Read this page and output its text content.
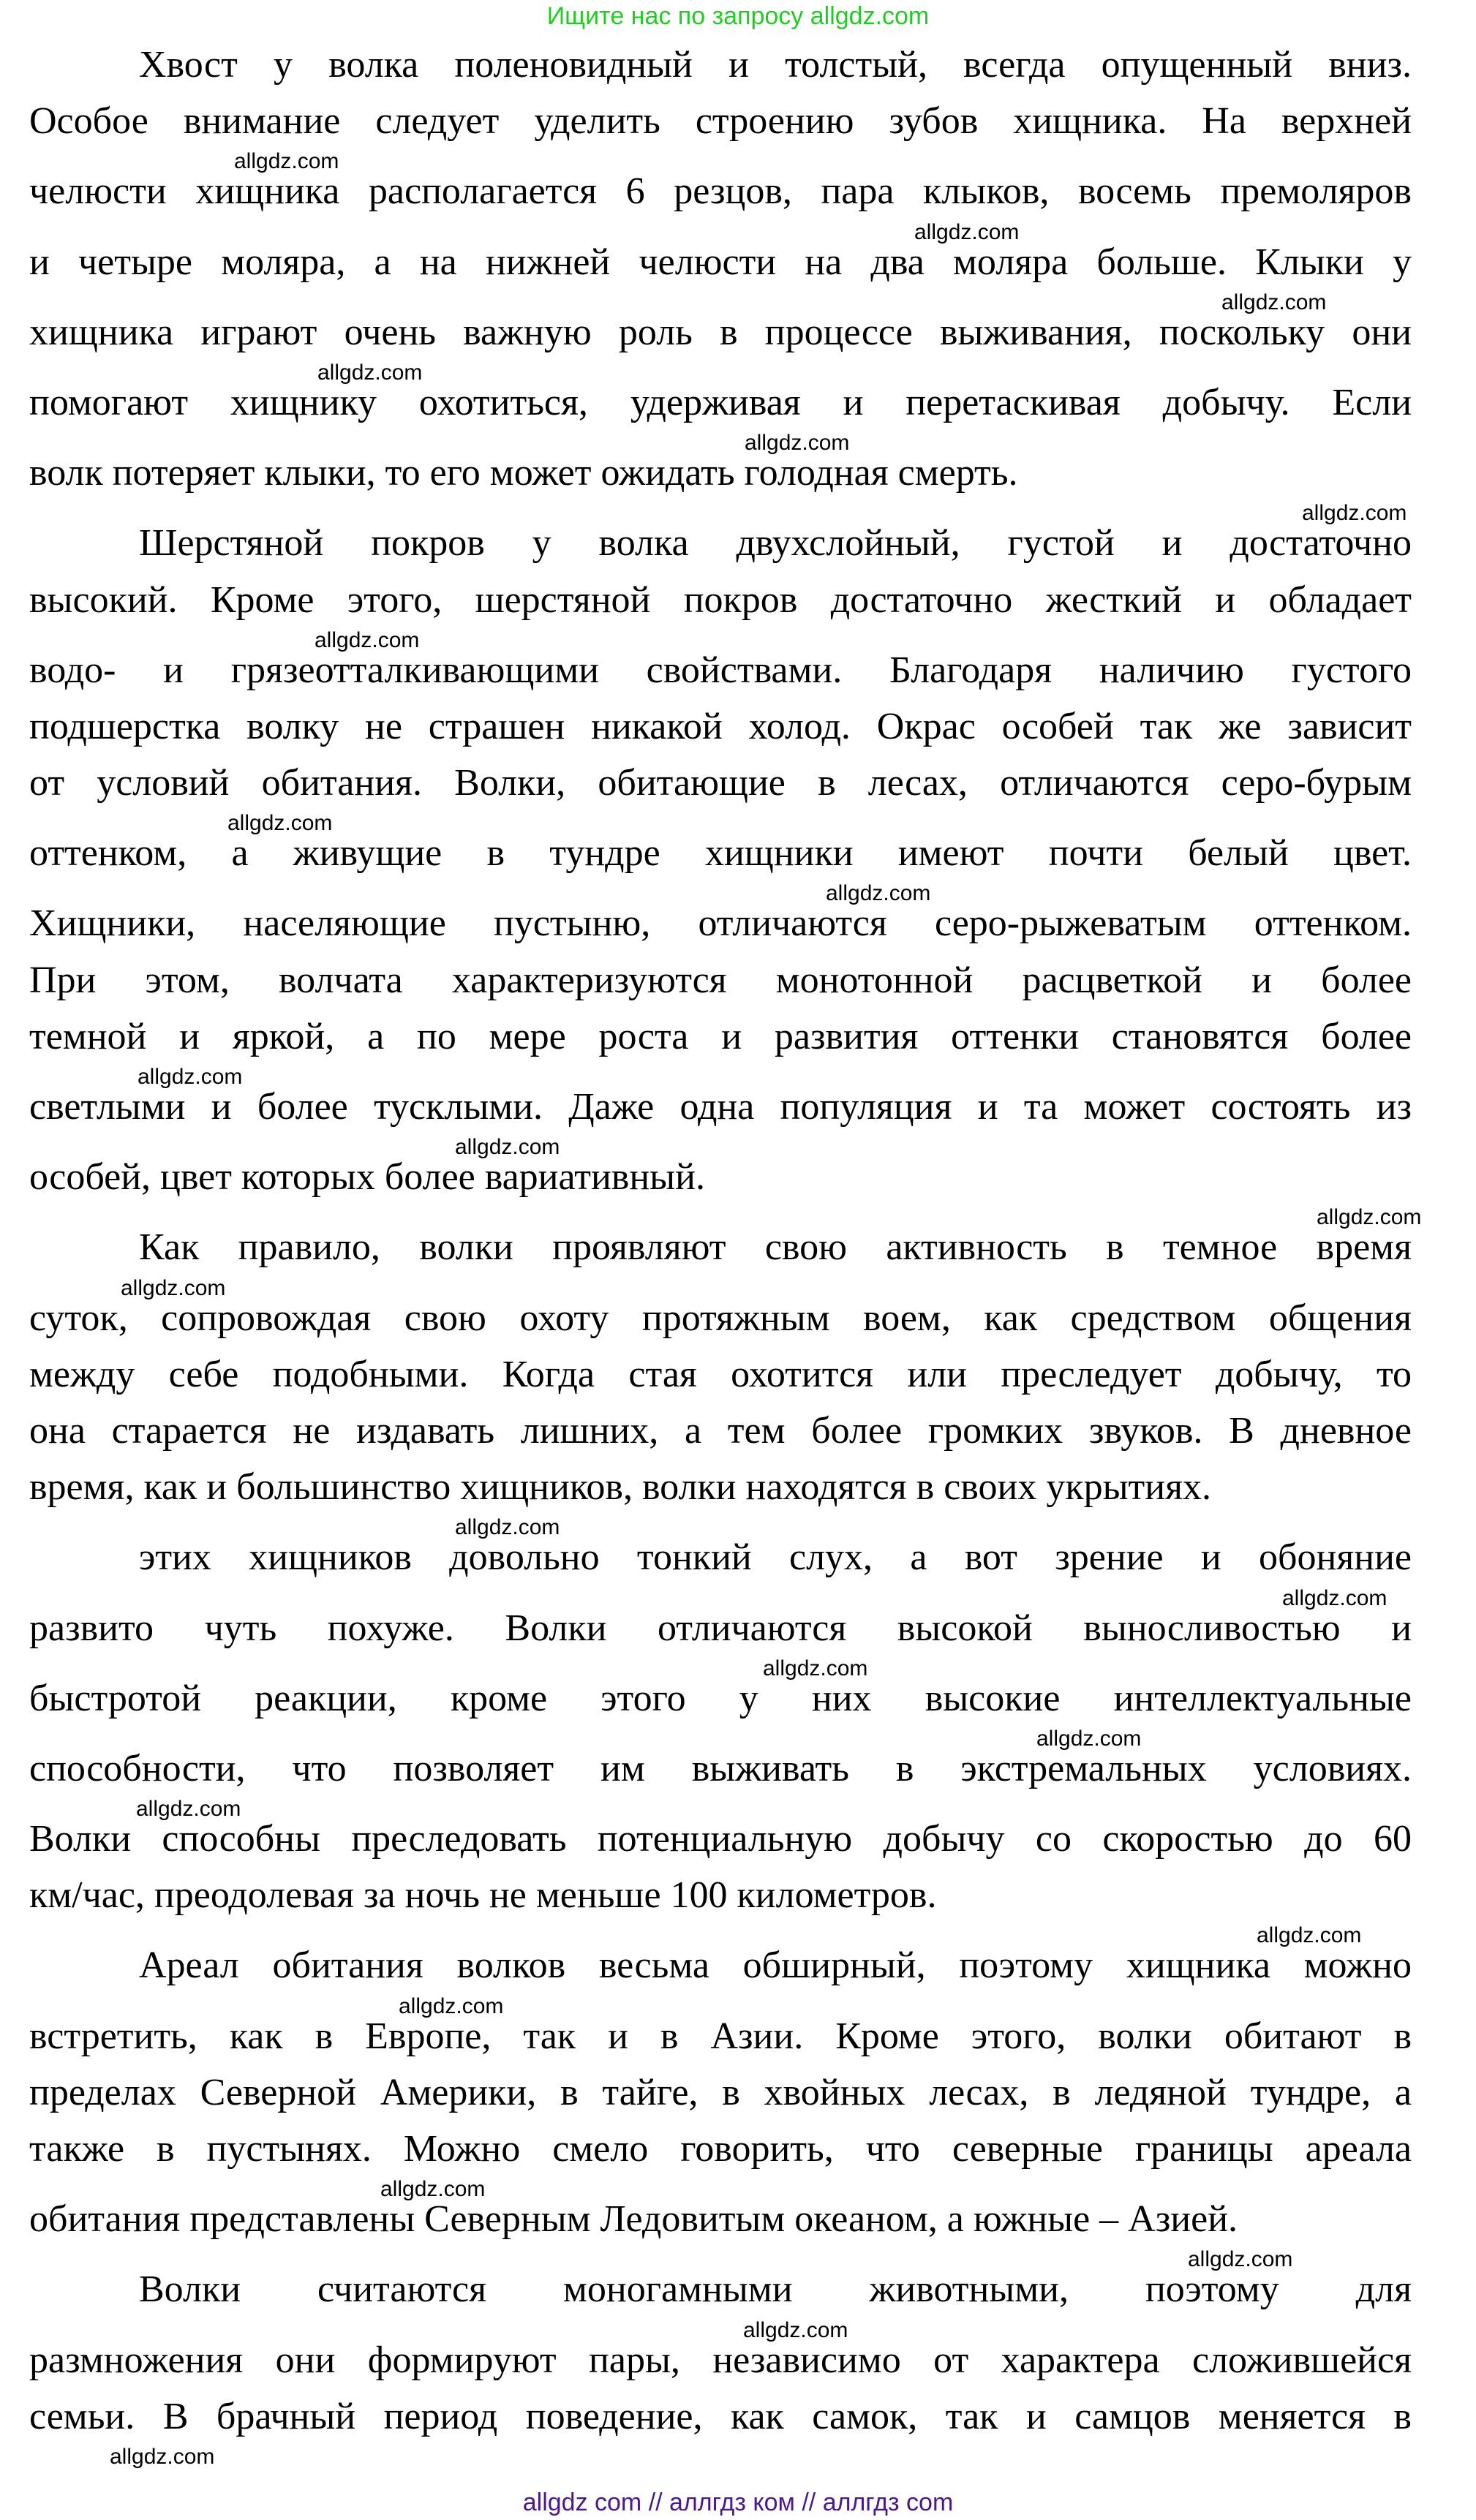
Ищите нас по запросу allgdz.com
Хвост у волка поленовидный и толстый, всегда опущенный вниз.
Особое внимание следует уделить строению зубов хищника. На верхней
allgdz.com
челюсти хищника располагается 6 резцов, пара клыков, восемь премоляров
allgdz.com
и четыре моляра, а на нижней челюсти на два моляра больше. Клыки у
allgdz.com
хищника играют очень важную роль в процессе выживания, поскольку они
allgdz.com
помогают хищнику охотиться, удерживая и перетаскивая добычу. Если
allgdz.com
волк потеряет клыки, то его может ожидать голодная смерть.
allgdz.com
Шерстяной покров у волка двухслойный, густой и достаточно
высокий. Кроме этого, шерстяной покров достаточно жесткий и обладает
allgdz.com
водо- и грязеотталкивающими свойствами. Благодаря наличию густого
подшерстка волку не страшен никакой холод. Окрас особей так же зависит
от условий обитания. Волки, обитающие в лесах, отличаются серо-бурым
allgdz.com
оттенком, а живущие в тундре хищники имеют почти белый цвет.
allgdz.com
Хищники, населяющие пустыню, отличаются серо-рыжеватым оттенком.
При этом, волчата характеризуются монотонной расцветкой и более
темной и яркой, а по мере роста и развития оттенки становятся более
allgdz.com
светлыми и более тусклыми. Даже одна популяция и та может состоять из
allgdz.com
особей, цвет которых более вариативный.
allgdz.com
Как правило, волки проявляют свою активность в темное время
allgdz.com
суток, сопровождая свою охоту протяжным воем, как средством общения
между себе подобными. Когда стая охотится или преследует добычу, то
она старается не издавать лишних, а тем более громких звуков. В дневное
время, как и большинство хищников, волки находятся в своих укрытиях.
allgdz.com
этих хищников довольно тонкий слух, а вот зрение и обоняние
allgdz.com
развито чуть похуже. Волки отличаются высокой выносливостью и
allgdz.com
быстротой реакции, кроме этого у них высокие интеллектуальные
allgdz.com
способности, что позволяет им выживать в экстремальных условиях.
allgdz.com
Волки способны преследовать потенциальную добычу со скоростью до 60
км/час, преодолевая за ночь не меньше 100 километров.
allgdz.com
Ареал обитания волков весьма обширный, поэтому хищника можно
allgdz.com
встретить, как в Европе, так и в Азии. Кроме этого, волки обитают в
пределах Северной Америки, в тайге, в хвойных лесах, в ледяной тундре, а
также в пустынях. Можно смело говорить, что северные границы ареала
allgdz.com
обитания представлены Северным Ледовитым океаном, а южные – Азией.
allgdz.com
Волки считаются моногамными животными, поэтому для
allgdz.com
размножения они формируют пары, независимо от характера сложившейся
семьи. В брачный период поведение, как самок, так и самцов меняется в
allgdz.com
allgdz com // аллгдз ком // аллгдз com
